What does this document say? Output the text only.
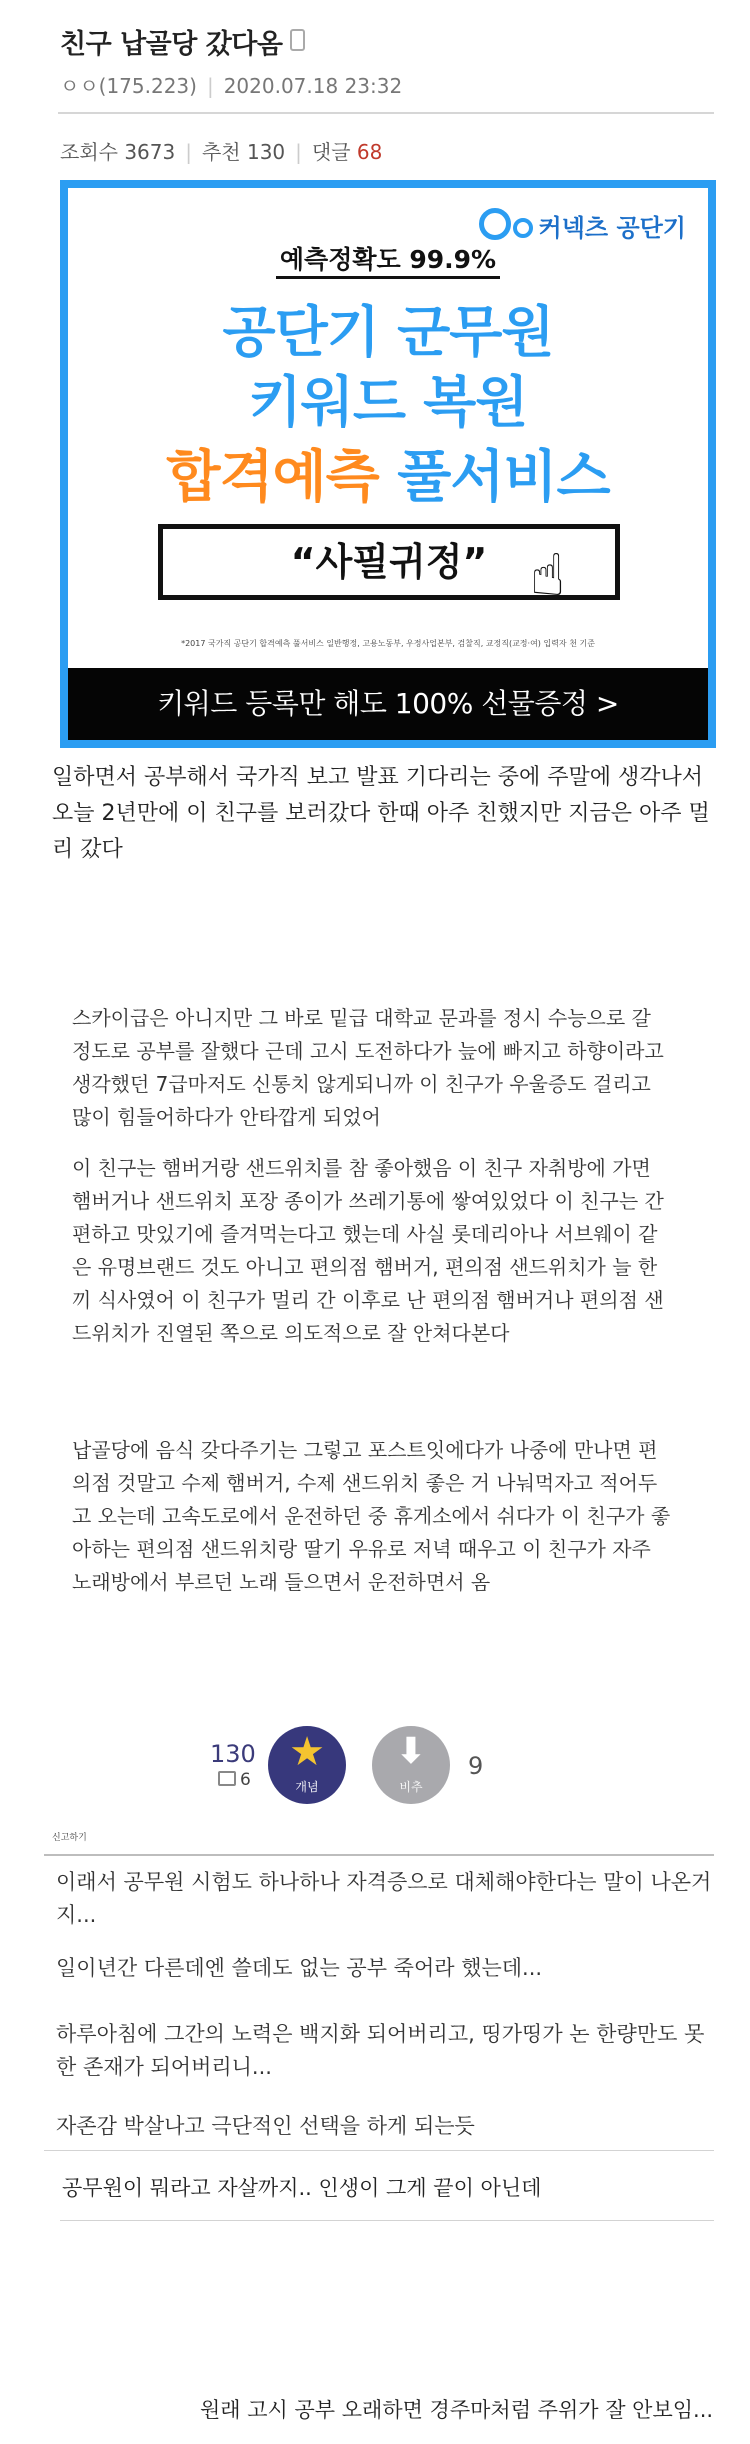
친구 납골당 갔다옴
ㅇㅇ(175.223) | 2020.07.18 23:32
조회수 3673 | 추천 130 | 댓글 68
커넥츠 공단기
예측정확도 99.9%
공단기 군무원
키워드 복원
합격예측 풀서비스
“사필귀정” ☝
*2017 국가직 공단기 합격예측 풀서비스 일반행정, 고용노동부, 우정사업본부, 검찰직, 교정직(교정·여) 입력자 천 기준
키워드 등록만 해도 100% 선물증정 >
일하면서 공부해서 국가직 보고 발표 기다리는 중에 주말에 생각나서 오늘 2년만에 이 친구를 보러갔다 한때 아주 친했지만 지금은 아주 멀리 갔다
스카이급은 아니지만 그 바로 밑급 대학교 문과를 정시 수능으로 갈 정도로 공부를 잘했다 근데 고시 도전하다가 늪에 빠지고 하향이라고 생각했던 7급마저도 신통치 않게되니까 이 친구가 우울증도 걸리고 많이 힘들어하다가 안타깝게 되었어
이 친구는 햄버거랑 샌드위치를 참 좋아했음 이 친구 자취방에 가면 햄버거나 샌드위치 포장 종이가 쓰레기통에 쌓여있었다 이 친구는 간편하고 맛있기에 즐겨먹는다고 했는데 사실 롯데리아나 서브웨이 같은 유명브랜드 것도 아니고 편의점 햄버거, 편의점 샌드위치가 늘 한 끼 식사였어 이 친구가 멀리 간 이후로 난 편의점 햄버거나 편의점 샌드위치가 진열된 쪽으로 의도적으로 잘 안쳐다본다
납골당에 음식 갖다주기는 그렇고 포스트잇에다가 나중에 만나면 편의점 것말고 수제 햄버거, 수제 샌드위치 좋은 거 나눠먹자고 적어두고 오는데 고속도로에서 운전하던 중 휴게소에서 쉬다가 이 친구가 좋아하는 편의점 샌드위치랑 딸기 우유로 저녁 때우고 이 친구가 자주 노래방에서 부르던 노래 들으면서 운전하면서 옴
130
6
★
개념
⬇
비추
9
신고하기
이래서 공무원 시험도 하나하나 자격증으로 대체해야한다는 말이 나온거지...
일이년간 다른데엔 쓸데도 없는 공부 죽어라 했는데...
하루아침에 그간의 노력은 백지화 되어버리고, 띵가띵가 논 한량만도 못한 존재가 되어버리니...
자존감 박살나고 극단적인 선택을 하게 되는듯
공무원이 뭐라고 자살까지.. 인생이 그게 끝이 아닌데
원래 고시 공부 오래하면 경주마처럼 주위가 잘 안보임...
